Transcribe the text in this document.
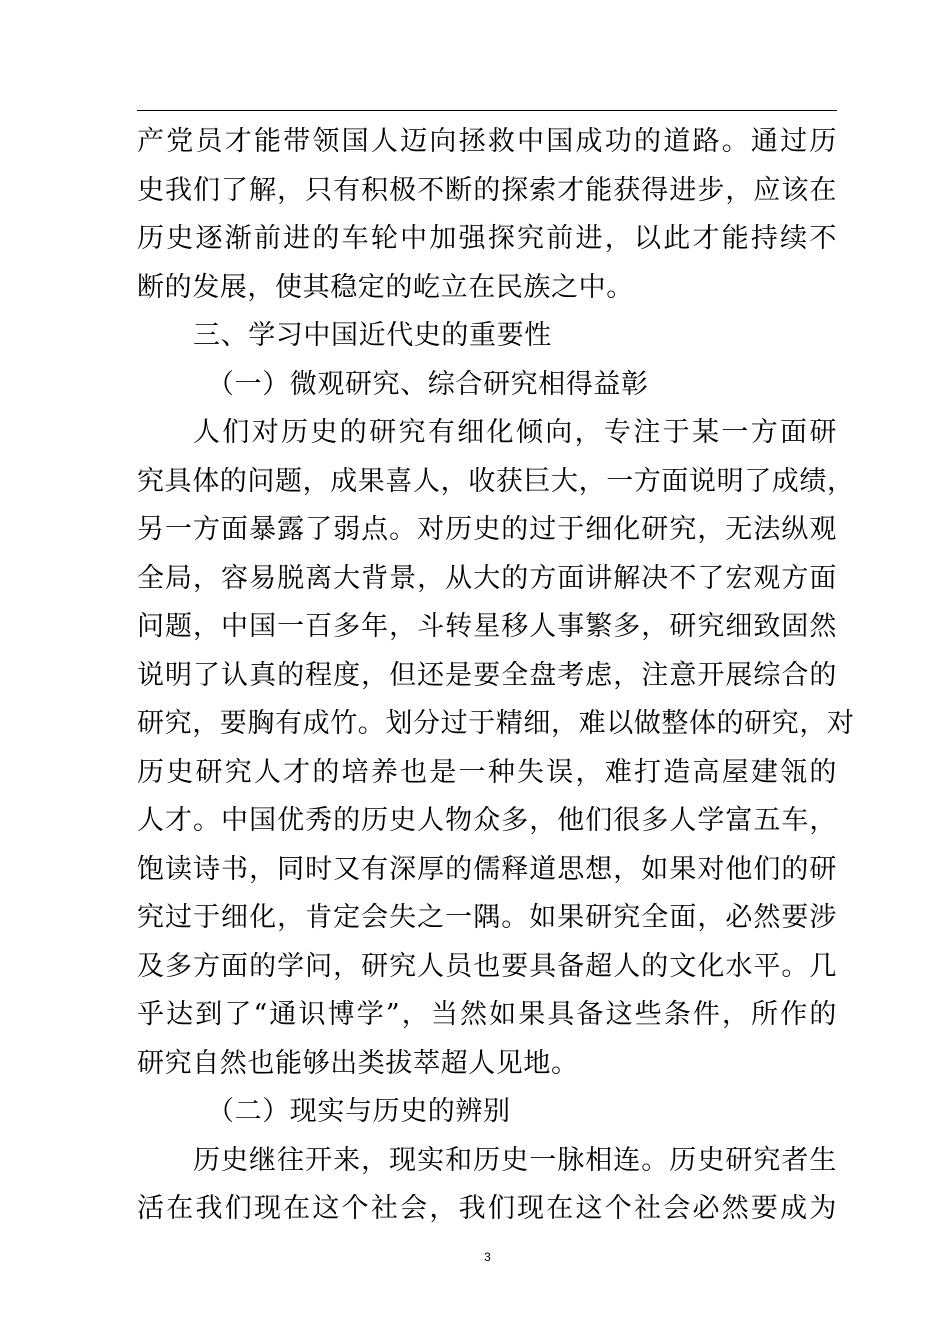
产党员才能带领国人迈向拯救中国成功的道路。通过历
史我们了解，只有积极不断的探索才能获得进步，应该在
历史逐渐前进的车轮中加强探究前进，以此才能持续不
断的发展，使其稳定的屹立在民族之中。
三、学习中国近代史的重要性
（一）微观研究、综合研究相得益彰
人们对历史的研究有细化倾向，专注于某一方面研
究具体的问题，成果喜人，收获巨大，一方面说明了成绩，
另一方面暴露了弱点。对历史的过于细化研究，无法纵观
全局，容易脱离大背景，从大的方面讲解决不了宏观方面
问题，中国一百多年，斗转星移人事繁多，研究细致固然
说明了认真的程度，但还是要全盘考虑，注意开展综合的
研究，要胸有成竹。划分过于精细，难以做整体的研究，对
历史研究人才的培养也是一种失误，难打造高屋建瓴的
人才。中国优秀的历史人物众多，他们很多人学富五车，
饱读诗书，同时又有深厚的儒释道思想，如果对他们的研
究过于细化，肯定会失之一隅。如果研究全面，必然要涉
及多方面的学问，研究人员也要具备超人的文化水平。几
乎达到了“通识博学”，当然如果具备这些条件，所作的
研究自然也能够出类拔萃超人见地。
（二）现实与历史的辨别
历史继往开来，现实和历史一脉相连。历史研究者生
活在我们现在这个社会，我们现在这个社会必然要成为
3
